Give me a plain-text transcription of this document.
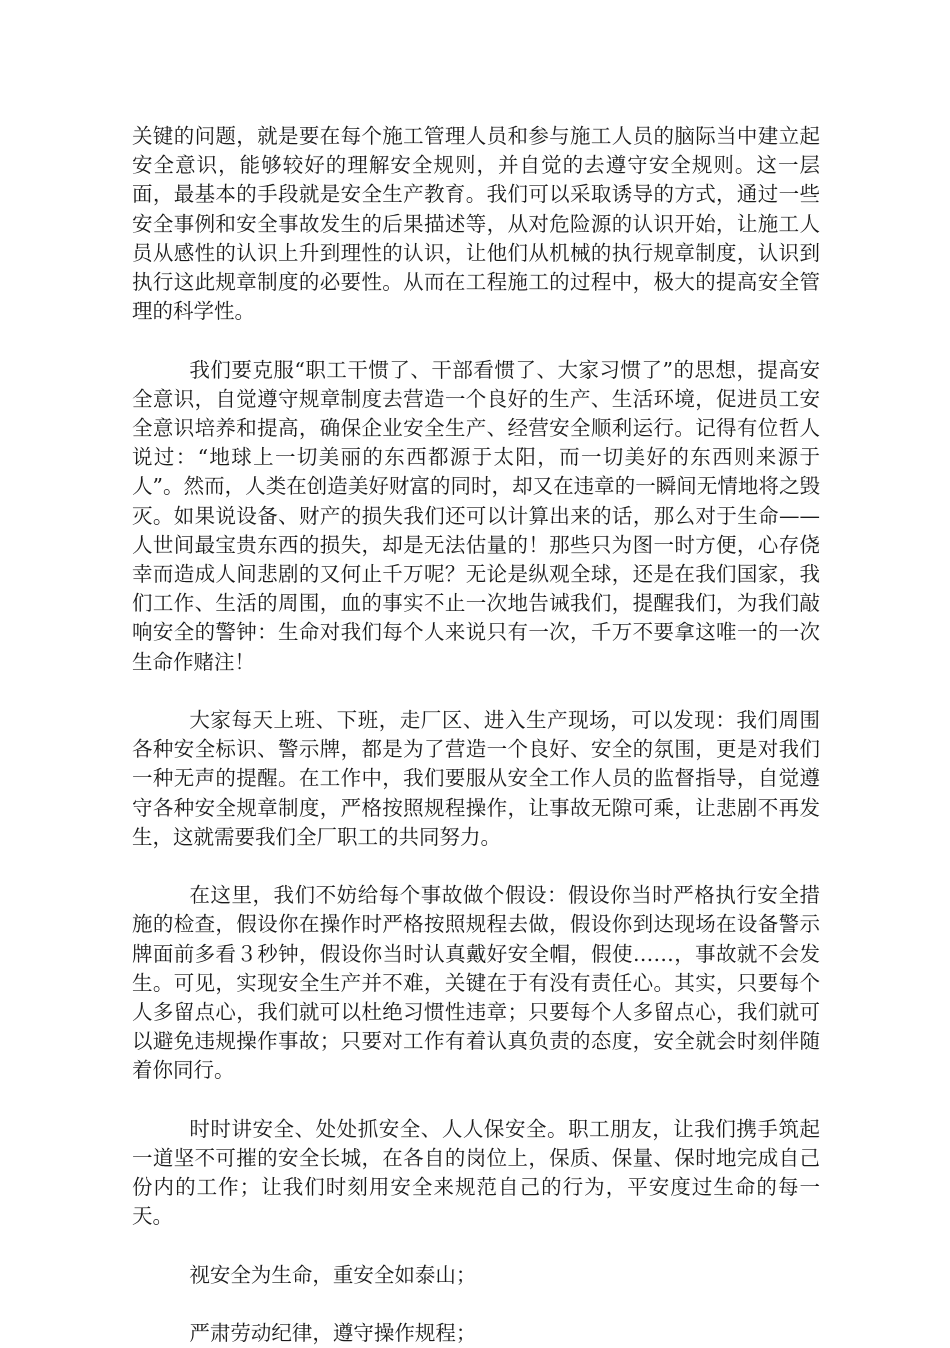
关键的问题，就是要在每个施工管理人员和参与施工人员的脑际当中建立起安全意识，能够较好的理解安全规则，并自觉的去遵守安全规则。这一层面，最基本的手段就是安全生产教育。我们可以采取诱导的方式，通过一些安全事例和安全事故发生的后果描述等，从对危险源的认识开始，让施工人员从感性的认识上升到理性的认识，让他们从机械的执行规章制度，认识到执行这此规章制度的必要性。从而在工程施工的过程中，极大的提高安全管理的科学性。

我们要克服“职工干惯了、干部看惯了、大家习惯了”的思想，提高安全意识，自觉遵守规章制度去营造一个良好的生产、生活环境，促进员工安全意识培养和提高，确保企业安全生产、经营安全顺利运行。记得有位哲人说过：“地球上一切美丽的东西都源于太阳，而一切美好的东西则来源于人”。然而，人类在创造美好财富的同时，却又在违章的一瞬间无情地将之毁灭。如果说设备、财产的损失我们还可以计算出来的话，那么对于生命——人世间最宝贵东西的损失，却是无法估量的！那些只为图一时方便，心存侥幸而造成人间悲剧的又何止千万呢？无论是纵观全球，还是在我们国家，我们工作、生活的周围，血的事实不止一次地告诫我们，提醒我们，为我们敲响安全的警钟：生命对我们每个人来说只有一次，千万不要拿这唯一的一次生命作赌注！

大家每天上班、下班，走厂区、进入生产现场，可以发现：我们周围各种安全标识、警示牌，都是为了营造一个良好、安全的氛围，更是对我们一种无声的提醒。在工作中，我们要服从安全工作人员的监督指导，自觉遵守各种安全规章制度，严格按照规程操作，让事故无隙可乘，让悲剧不再发生，这就需要我们全厂职工的共同努力。

在这里，我们不妨给每个事故做个假设：假设你当时严格执行安全措施的检查，假设你在操作时严格按照规程去做，假设你到达现场在设备警示牌面前多看３秒钟，假设你当时认真戴好安全帽，假使……，事故就不会发生。可见，实现安全生产并不难，关键在于有没有责任心。其实，只要每个人多留点心，我们就可以杜绝习惯性违章；只要每个人多留点心，我们就可以避免违规操作事故；只要对工作有着认真负责的态度，安全就会时刻伴随着你同行。

时时讲安全、处处抓安全、人人保安全。职工朋友，让我们携手筑起一道坚不可摧的安全长城，在各自的岗位上，保质、保量、保时地完成自己份内的工作；让我们时刻用安全来规范自己的行为，平安度过生命的每一天。

视安全为生命，重安全如泰山；

严肃劳动纪律，遵守操作规程；
